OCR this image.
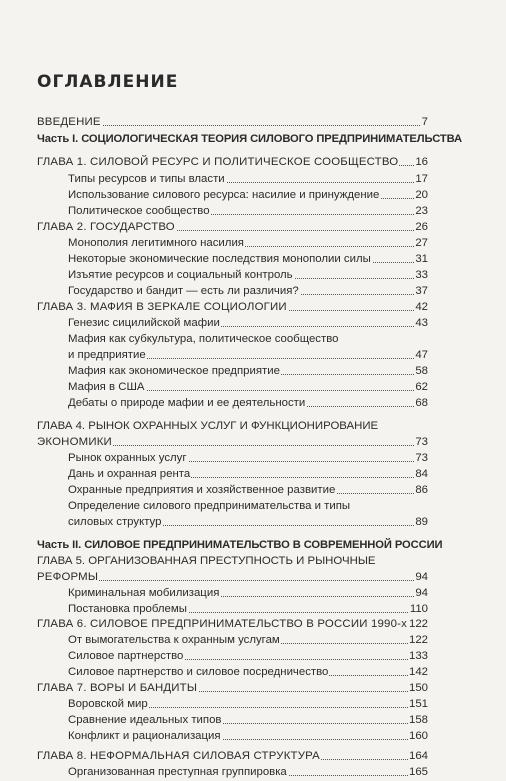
ОГЛАВЛЕНИЕ
ВВЕДЕНИЕ	7
Часть I. СОЦИОЛОГИЧЕСКАЯ ТЕОРИЯ СИЛОВОГО ПРЕДПРИНИМАТЕЛЬСТВА
ГЛАВА 1. СИЛОВОЙ РЕСУРС И ПОЛИТИЧЕСКОЕ СООБЩЕСТВО 16
Типы ресурсов и типы власти	17
Использование силового ресурса: насилие и принуждение	20
Политическое сообщество	23
ГЛАВА 2. ГОСУДАРСТВО	26
Монополия легитимного насилия	27
Некоторые экономические последствия монополии силы	31
Изъятие ресурсов и социальный контроль	33
Государство и бандит — есть ли различия?	37
ГЛАВА 3. МАФИЯ В ЗЕРКАЛЕ СОЦИОЛОГИИ	42
Генезис сицилийской мафии	43
Мафия как субкультура, политическое сообщество
и предприятие	47
Мафия как экономическое предприятие	58
Мафия в США	62
Дебаты о природе мафии и ее деятельности	68
ГЛАВА 4. РЫНОК ОХРАННЫХ УСЛУГ И ФУНКЦИОНИРОВАНИЕ
ЭКОНОМИКИ	73
Рынок охранных услуг	73
Дань и охранная рента	84
Охранные предприятия и хозяйственное развитие	86
Определение силового предпринимательства и типы
силовых структур	89
Часть II. СИЛОВОЕ ПРЕДПРИНИМАТЕЛЬСТВО В СОВРЕМЕННОЙ РОССИИ
ГЛАВА 5. ОРГАНИЗОВАННАЯ ПРЕСТУПНОСТЬ И РЫНОЧНЫЕ
РЕФОРМЫ	94
Криминальная мобилизация	94
Постановка проблемы	110
ГЛАВА 6. СИЛОВОЕ ПРЕДПРИНИМАТЕЛЬСТВО В РОССИИ 1990-х 122
От вымогательства к охранным услугам	122
Силовое партнерство	133
Силовое партнерство и силовое посредничество	142
ГЛАВА 7. ВОРЫ И БАНДИТЫ	150
Воровской мир	151
Сравнение идеальных типов	158
Конфликт и рационализация	160
ГЛАВА 8. НЕФОРМАЛЬНАЯ СИЛОВАЯ СТРУКТУРА	164
Организованная преступная группировка	165
